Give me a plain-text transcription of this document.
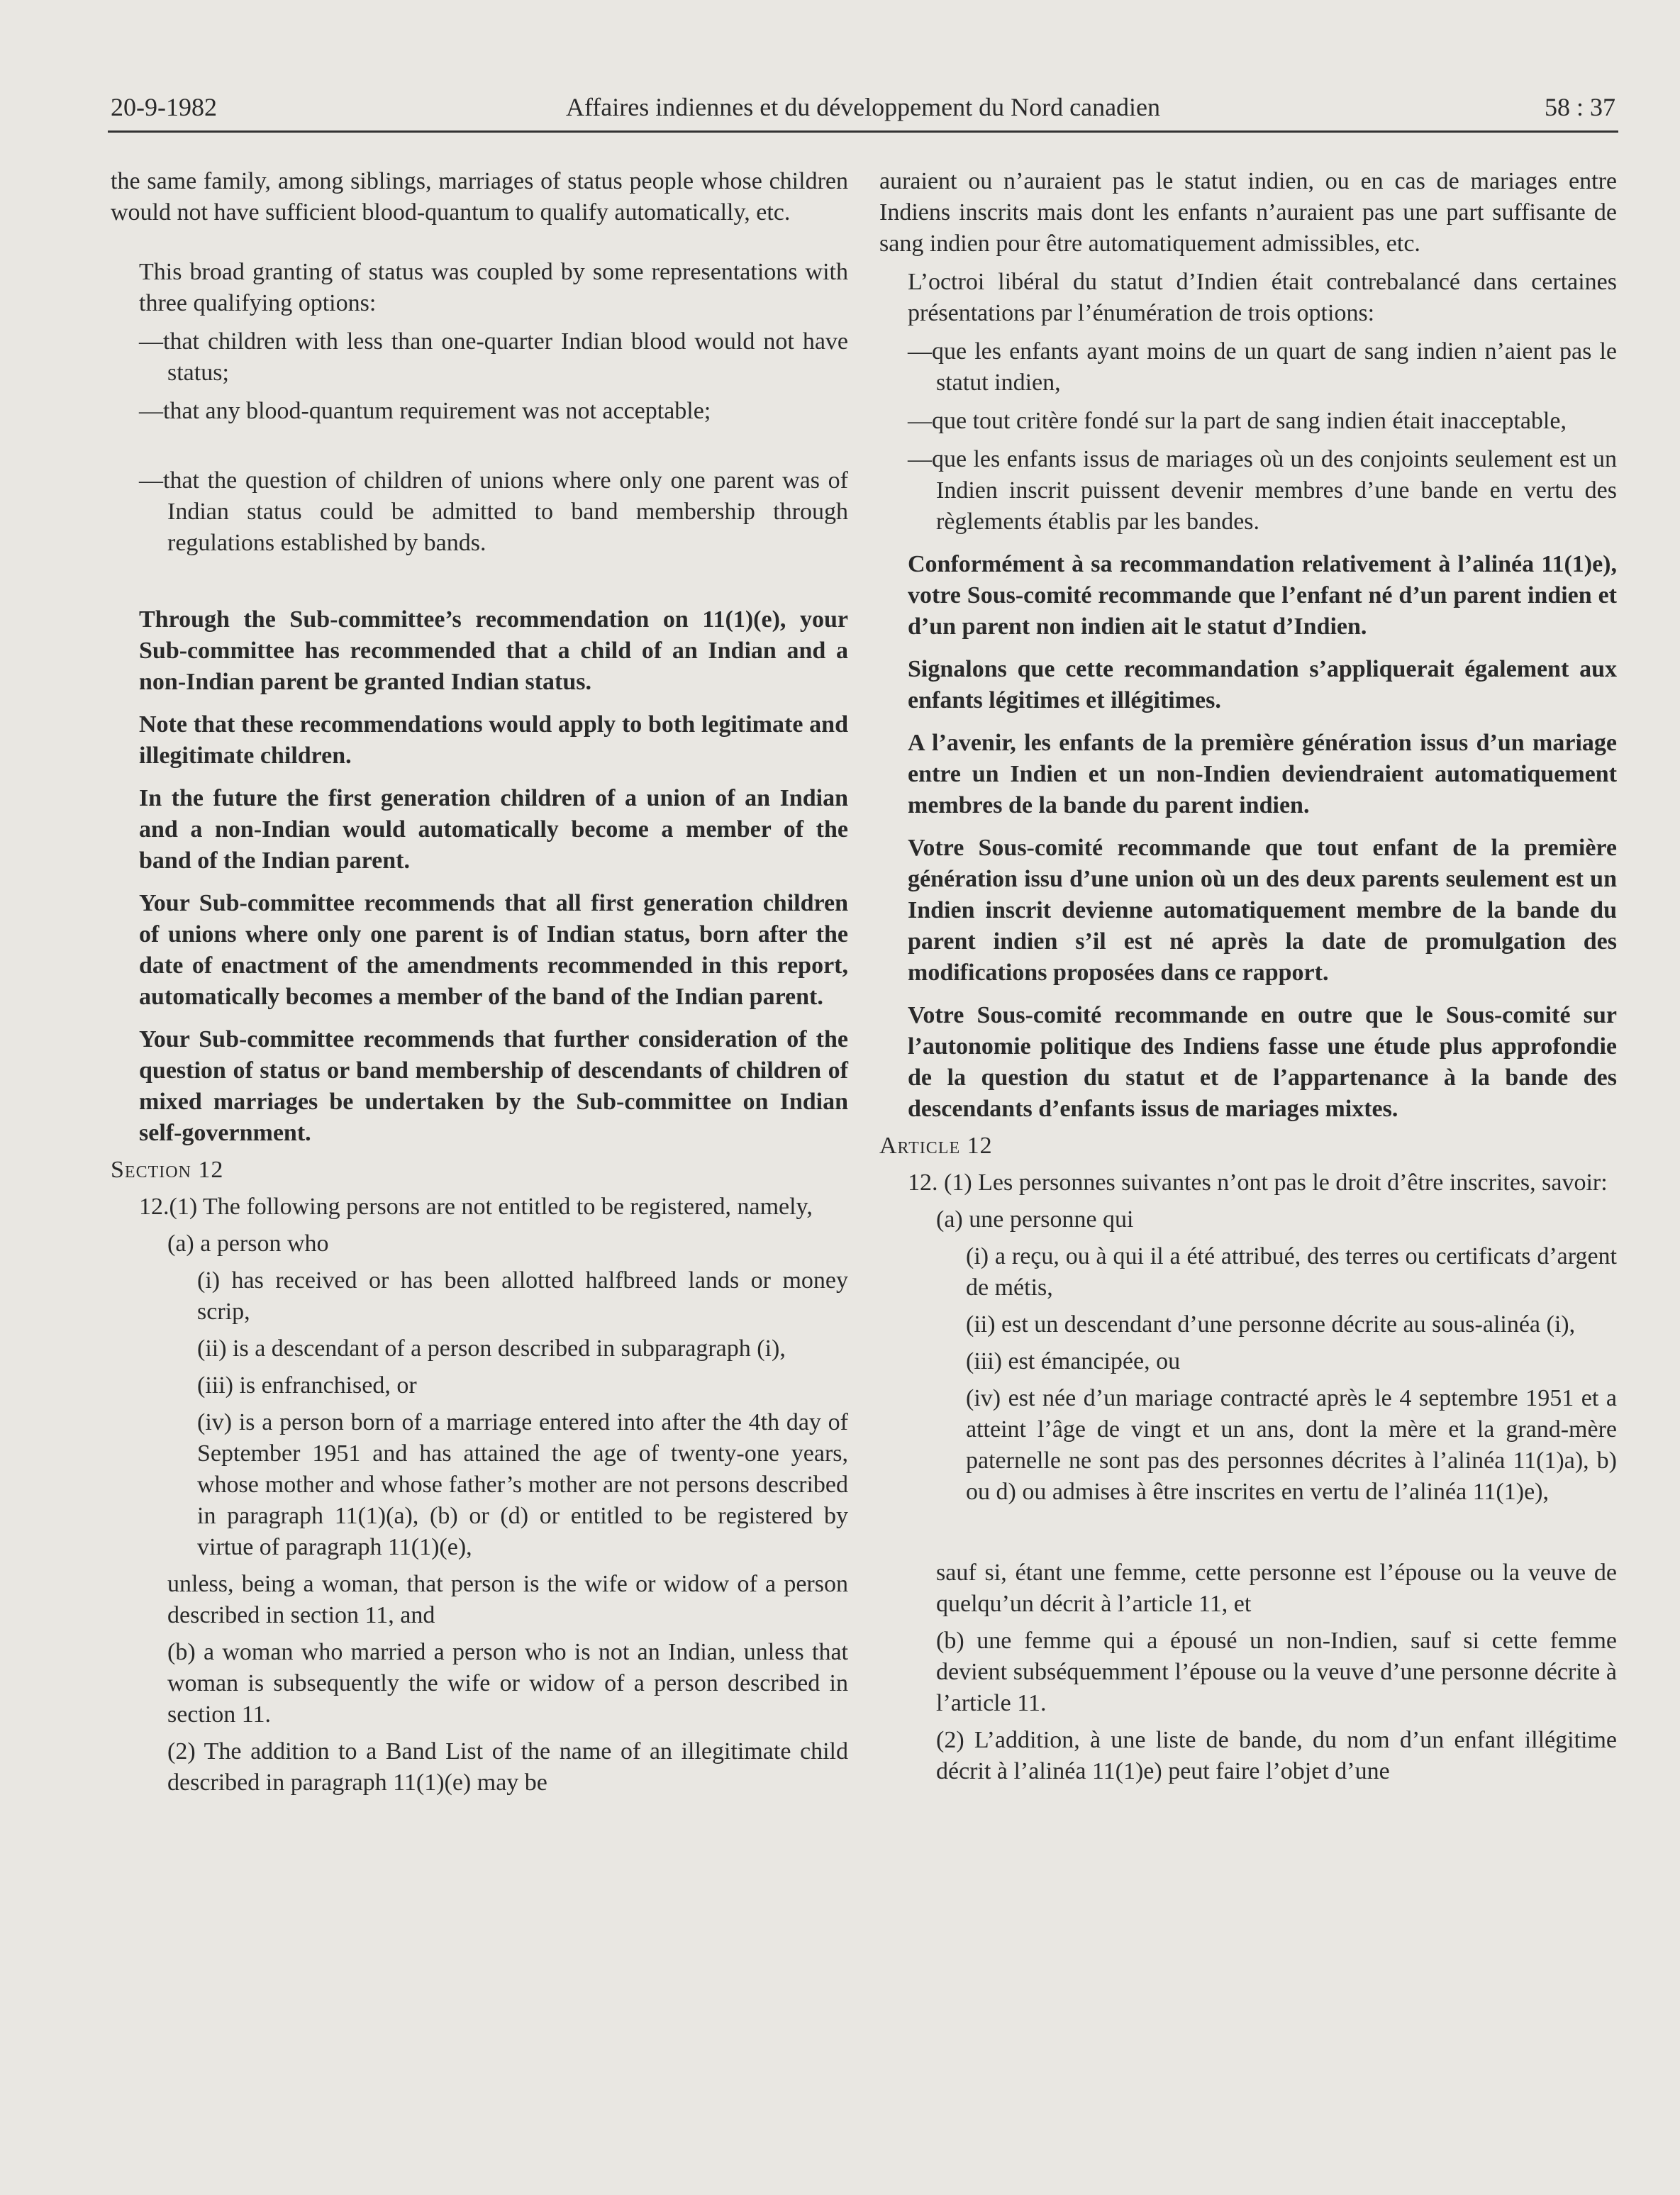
20-9-1982	Affaires indiennes et du développement du Nord canadien	58 : 37

the same family, among siblings, marriages of status people whose children would not have sufficient blood-quantum to qualify automatically, etc.

This broad granting of status was coupled by some representations with three qualifying options:

—that children with less than one-quarter Indian blood would not have status;

—that any blood-quantum requirement was not acceptable;

—that the question of children of unions where only one parent was of Indian status could be admitted to band membership through regulations established by bands.

Through the Sub-committee’s recommendation on 11(1)(e), your Sub-committee has recommended that a child of an Indian and a non-Indian parent be granted Indian status.

Note that these recommendations would apply to both legitimate and illegitimate children.

In the future the first generation children of a union of an Indian and a non-Indian would automatically become a member of the band of the Indian parent.

Your Sub-committee recommends that all first generation children of unions where only one parent is of Indian status, born after the date of enactment of the amendments recommended in this report, automatically becomes a member of the band of the Indian parent.

Your Sub-committee recommends that further consideration of the question of status or band membership of descendants of children of mixed marriages be undertaken by the Sub-committee on Indian self-government.

Section 12

12.(1) The following persons are not entitled to be registered, namely,

(a) a person who

(i) has received or has been allotted halfbreed lands or money scrip,

(ii) is a descendant of a person described in subparagraph (i),

(iii) is enfranchised, or

(iv) is a person born of a marriage entered into after the 4th day of September 1951 and has attained the age of twenty-one years, whose mother and whose father’s mother are not persons described in paragraph 11(1)(a), (b) or (d) or entitled to be registered by virtue of paragraph 11(1)(e),

unless, being a woman, that person is the wife or widow of a person described in section 11, and

(b) a woman who married a person who is not an Indian, unless that woman is subsequently the wife or widow of a person described in section 11.

(2) The addition to a Band List of the name of an illegitimate child described in paragraph 11(1)(e) may be

auraient ou n’auraient pas le statut indien, ou en cas de mariages entre Indiens inscrits mais dont les enfants n’auraient pas une part suffisante de sang indien pour être automatiquement admissibles, etc.

L’octroi libéral du statut d’Indien était contrebalancé dans certaines présentations par l’énumération de trois options:

—que les enfants ayant moins de un quart de sang indien n’aient pas le statut indien,

—que tout critère fondé sur la part de sang indien était inacceptable,

—que les enfants issus de mariages où un des conjoints seulement est un Indien inscrit puissent devenir membres d’une bande en vertu des règlements établis par les bandes.

Conformément à sa recommandation relativement à l’alinéa 11(1)e), votre Sous-comité recommande que l’enfant né d’un parent indien et d’un parent non indien ait le statut d’Indien.

Signalons que cette recommandation s’appliquerait également aux enfants légitimes et illégitimes.

A l’avenir, les enfants de la première génération issus d’un mariage entre un Indien et un non-Indien deviendraient automatiquement membres de la bande du parent indien.

Votre Sous-comité recommande que tout enfant de la première génération issu d’une union où un des deux parents seulement est un Indien inscrit devienne automatiquement membre de la bande du parent indien s’il est né après la date de promulgation des modifications proposées dans ce rapport.

Votre Sous-comité recommande en outre que le Sous-comité sur l’autonomie politique des Indiens fasse une étude plus approfondie de la question du statut et de l’appartenance à la bande des descendants d’enfants issus de mariages mixtes.

Article 12

12. (1) Les personnes suivantes n’ont pas le droit d’être inscrites, savoir:

(a) une personne qui

(i) a reçu, ou à qui il a été attribué, des terres ou certificats d’argent de métis,

(ii) est un descendant d’une personne décrite au sous-alinéa (i),

(iii) est émancipée, ou

(iv) est née d’un mariage contracté après le 4 septembre 1951 et a atteint l’âge de vingt et un ans, dont la mère et la grand-mère paternelle ne sont pas des personnes décrites à l’alinéa 11(1)a), b) ou d) ou admises à être inscrites en vertu de l’alinéa 11(1)e),

sauf si, étant une femme, cette personne est l’épouse ou la veuve de quelqu’un décrit à l’article 11, et

(b) une femme qui a épousé un non-Indien, sauf si cette femme devient subséquemment l’épouse ou la veuve d’une personne décrite à l’article 11.

(2) L’addition, à une liste de bande, du nom d’un enfant illégitime décrit à l’alinéa 11(1)e) peut faire l’objet d’une
